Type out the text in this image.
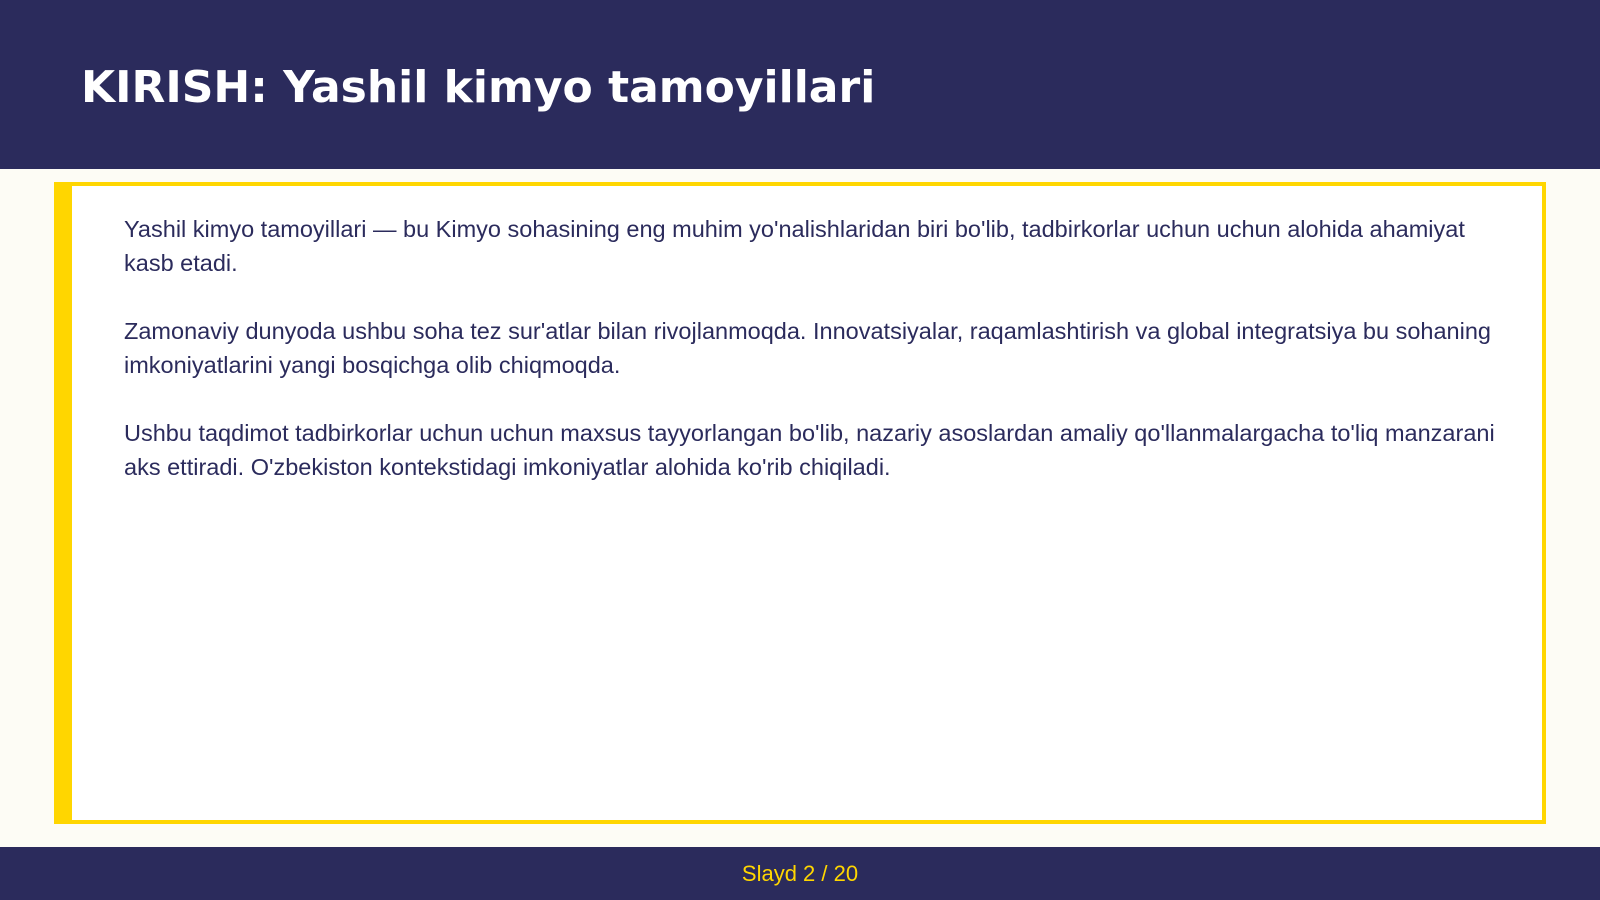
KIRISH: Yashil kimyo tamoyillari

Yashil kimyo tamoyillari — bu Kimyo sohasining eng muhim yo'nalishlaridan biri bo'lib, tadbirkorlar uchun uchun alohida ahamiyat kasb etadi.

Zamonaviy dunyoda ushbu soha tez sur'atlar bilan rivojlanmoqda. Innovatsiyalar, raqamlashtirish va global integratsiya bu sohaning imkoniyatlarini yangi bosqichga olib chiqmoqda.

Ushbu taqdimot tadbirkorlar uchun uchun maxsus tayyorlangan bo'lib, nazariy asoslardan amaliy qo'llanmalargacha to'liq manzarani aks ettiradi. O'zbekiston kontekstidagi imkoniyatlar alohida ko'rib chiqiladi.

Slayd 2 / 20
